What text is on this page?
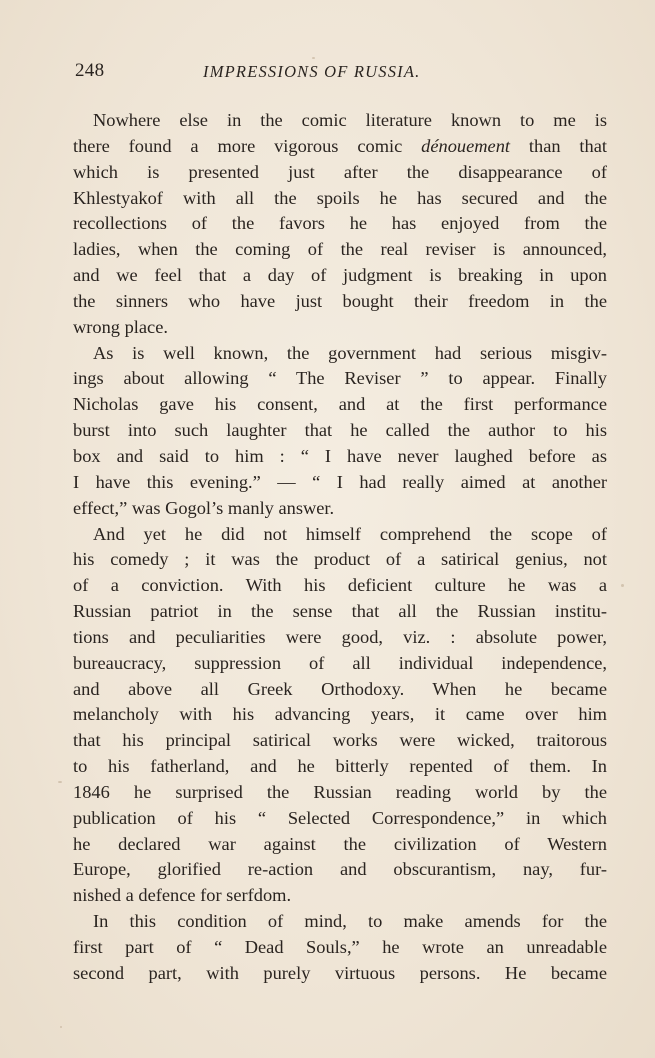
248	IMPRESSIONS OF RUSSIA.
Nowhere else in the comic literature known to me is
there found a more vigorous comic dénouement than that
which is presented just after the disappearance of
Khlestyakof with all the spoils he has secured and the
recollections of the favors he has enjoyed from the
ladies, when the coming of the real reviser is announced,
and we feel that a day of judgment is breaking in upon
the sinners who have just bought their freedom in the
wrong place.
As is well known, the government had serious misgiv-
ings about allowing “ The Reviser ” to appear. Finally
Nicholas gave his consent, and at the first performance
burst into such laughter that he called the author to his
box and said to him : “ I have never laughed before as
I have this evening.” — “ I had really aimed at another
effect,” was Gogol’s manly answer.
And yet he did not himself comprehend the scope of
his comedy ; it was the product of a satirical genius, not
of a conviction. With his deficient culture he was a
Russian patriot in the sense that all the Russian institu-
tions and peculiarities were good, viz. : absolute power,
bureaucracy, suppression of all individual independence,
and above all Greek Orthodoxy. When he became
melancholy with his advancing years, it came over him
that his principal satirical works were wicked, traitorous
to his fatherland, and he bitterly repented of them. In
1846 he surprised the Russian reading world by the
publication of his “ Selected Correspondence,” in which
he declared war against the civilization of Western
Europe, glorified re-action and obscurantism, nay, fur-
nished a defence for serfdom.
In this condition of mind, to make amends for the
first part of “ Dead Souls,” he wrote an unreadable
second part, with purely virtuous persons. He became
